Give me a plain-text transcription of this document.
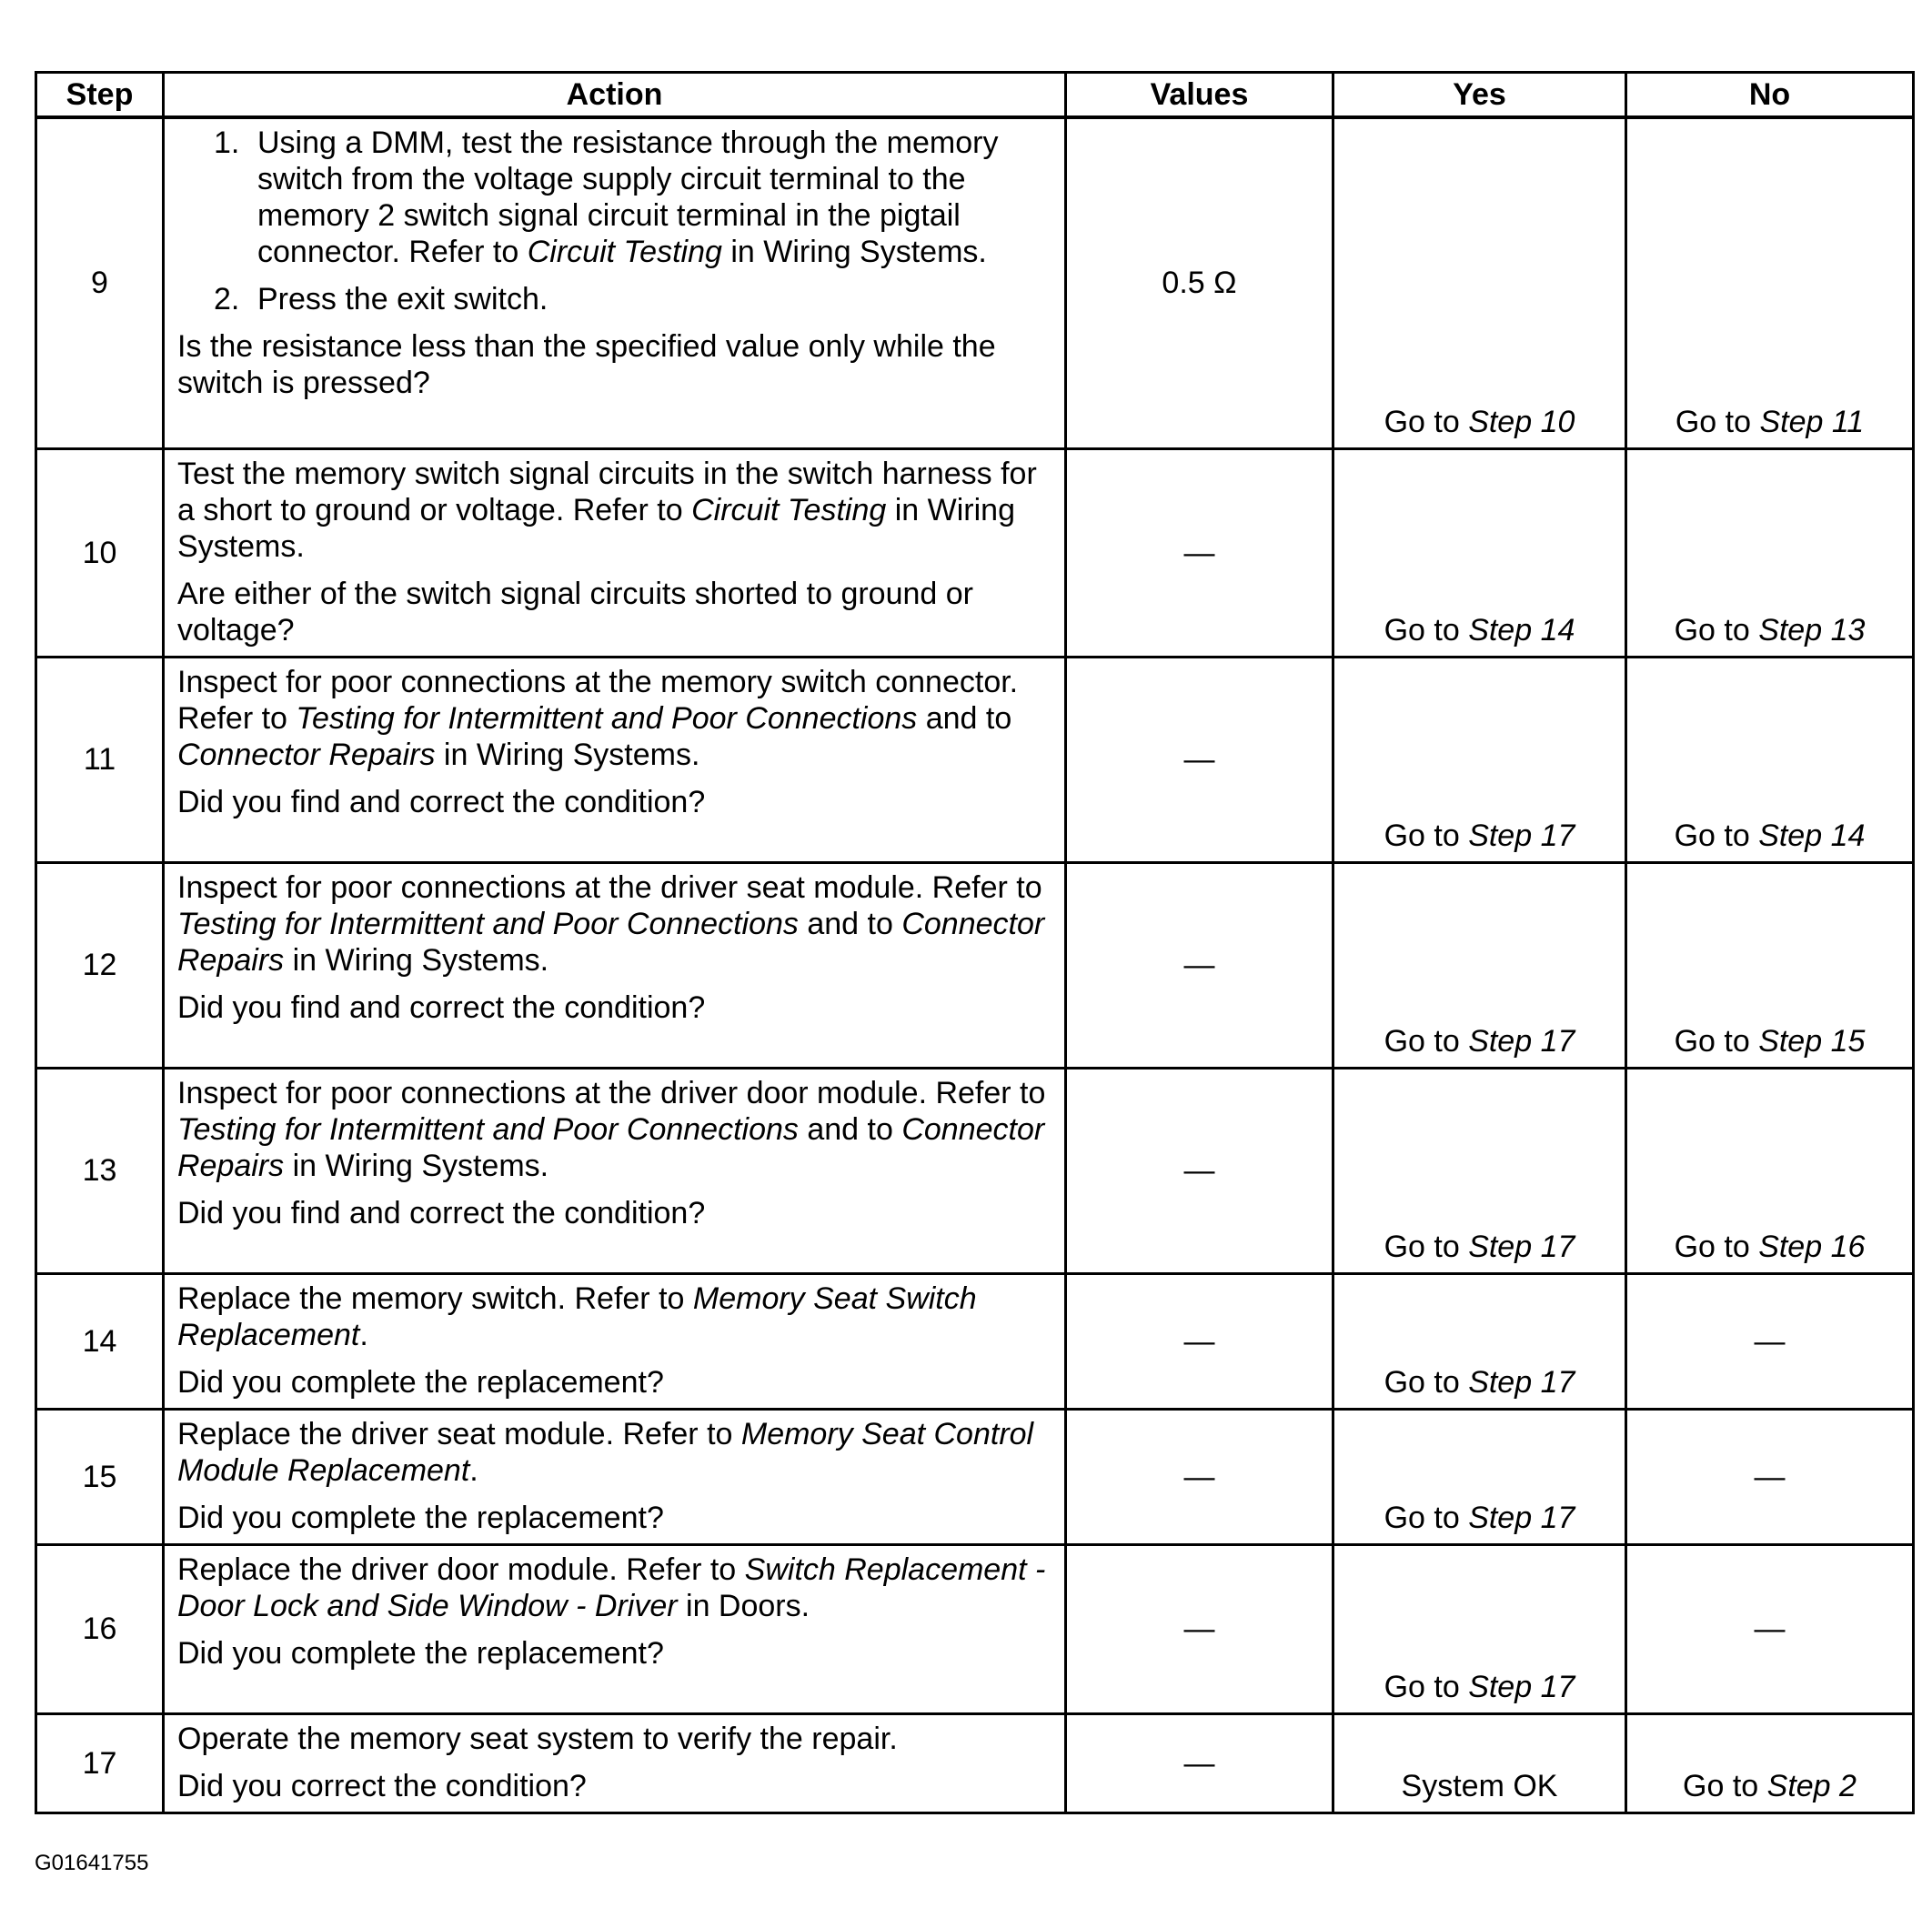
Step	Action	Values	Yes	No
9	1. Using a DMM, test the resistance through the memory switch from the voltage supply circuit terminal to the memory 2 switch signal circuit terminal in the pigtail connector. Refer to Circuit Testing in Wiring Systems.
2. Press the exit switch.
Is the resistance less than the specified value only while the switch is pressed?	0.5 Ω	Go to Step 10	Go to Step 11
10	Test the memory switch signal circuits in the switch harness for a short to ground or voltage. Refer to Circuit Testing in Wiring Systems.
Are either of the switch signal circuits shorted to ground or voltage?	—	Go to Step 14	Go to Step 13
11	Inspect for poor connections at the memory switch connector. Refer to Testing for Intermittent and Poor Connections and to Connector Repairs in Wiring Systems.
Did you find and correct the condition?	—	Go to Step 17	Go to Step 14
12	Inspect for poor connections at the driver seat module. Refer to Testing for Intermittent and Poor Connections and to Connector Repairs in Wiring Systems.
Did you find and correct the condition?	—	Go to Step 17	Go to Step 15
13	Inspect for poor connections at the driver door module. Refer to Testing for Intermittent and Poor Connections and to Connector Repairs in Wiring Systems.
Did you find and correct the condition?	—	Go to Step 17	Go to Step 16
14	Replace the memory switch. Refer to Memory Seat Switch Replacement.
Did you complete the replacement?	—	Go to Step 17	—
15	Replace the driver seat module. Refer to Memory Seat Control Module Replacement.
Did you complete the replacement?	—	Go to Step 17	—
16	Replace the driver door module. Refer to Switch Replacement - Door Lock and Side Window - Driver in Doors.
Did you complete the replacement?	—	Go to Step 17	—
17	Operate the memory seat system to verify the repair.
Did you correct the condition?	—	System OK	Go to Step 2
G01641755
